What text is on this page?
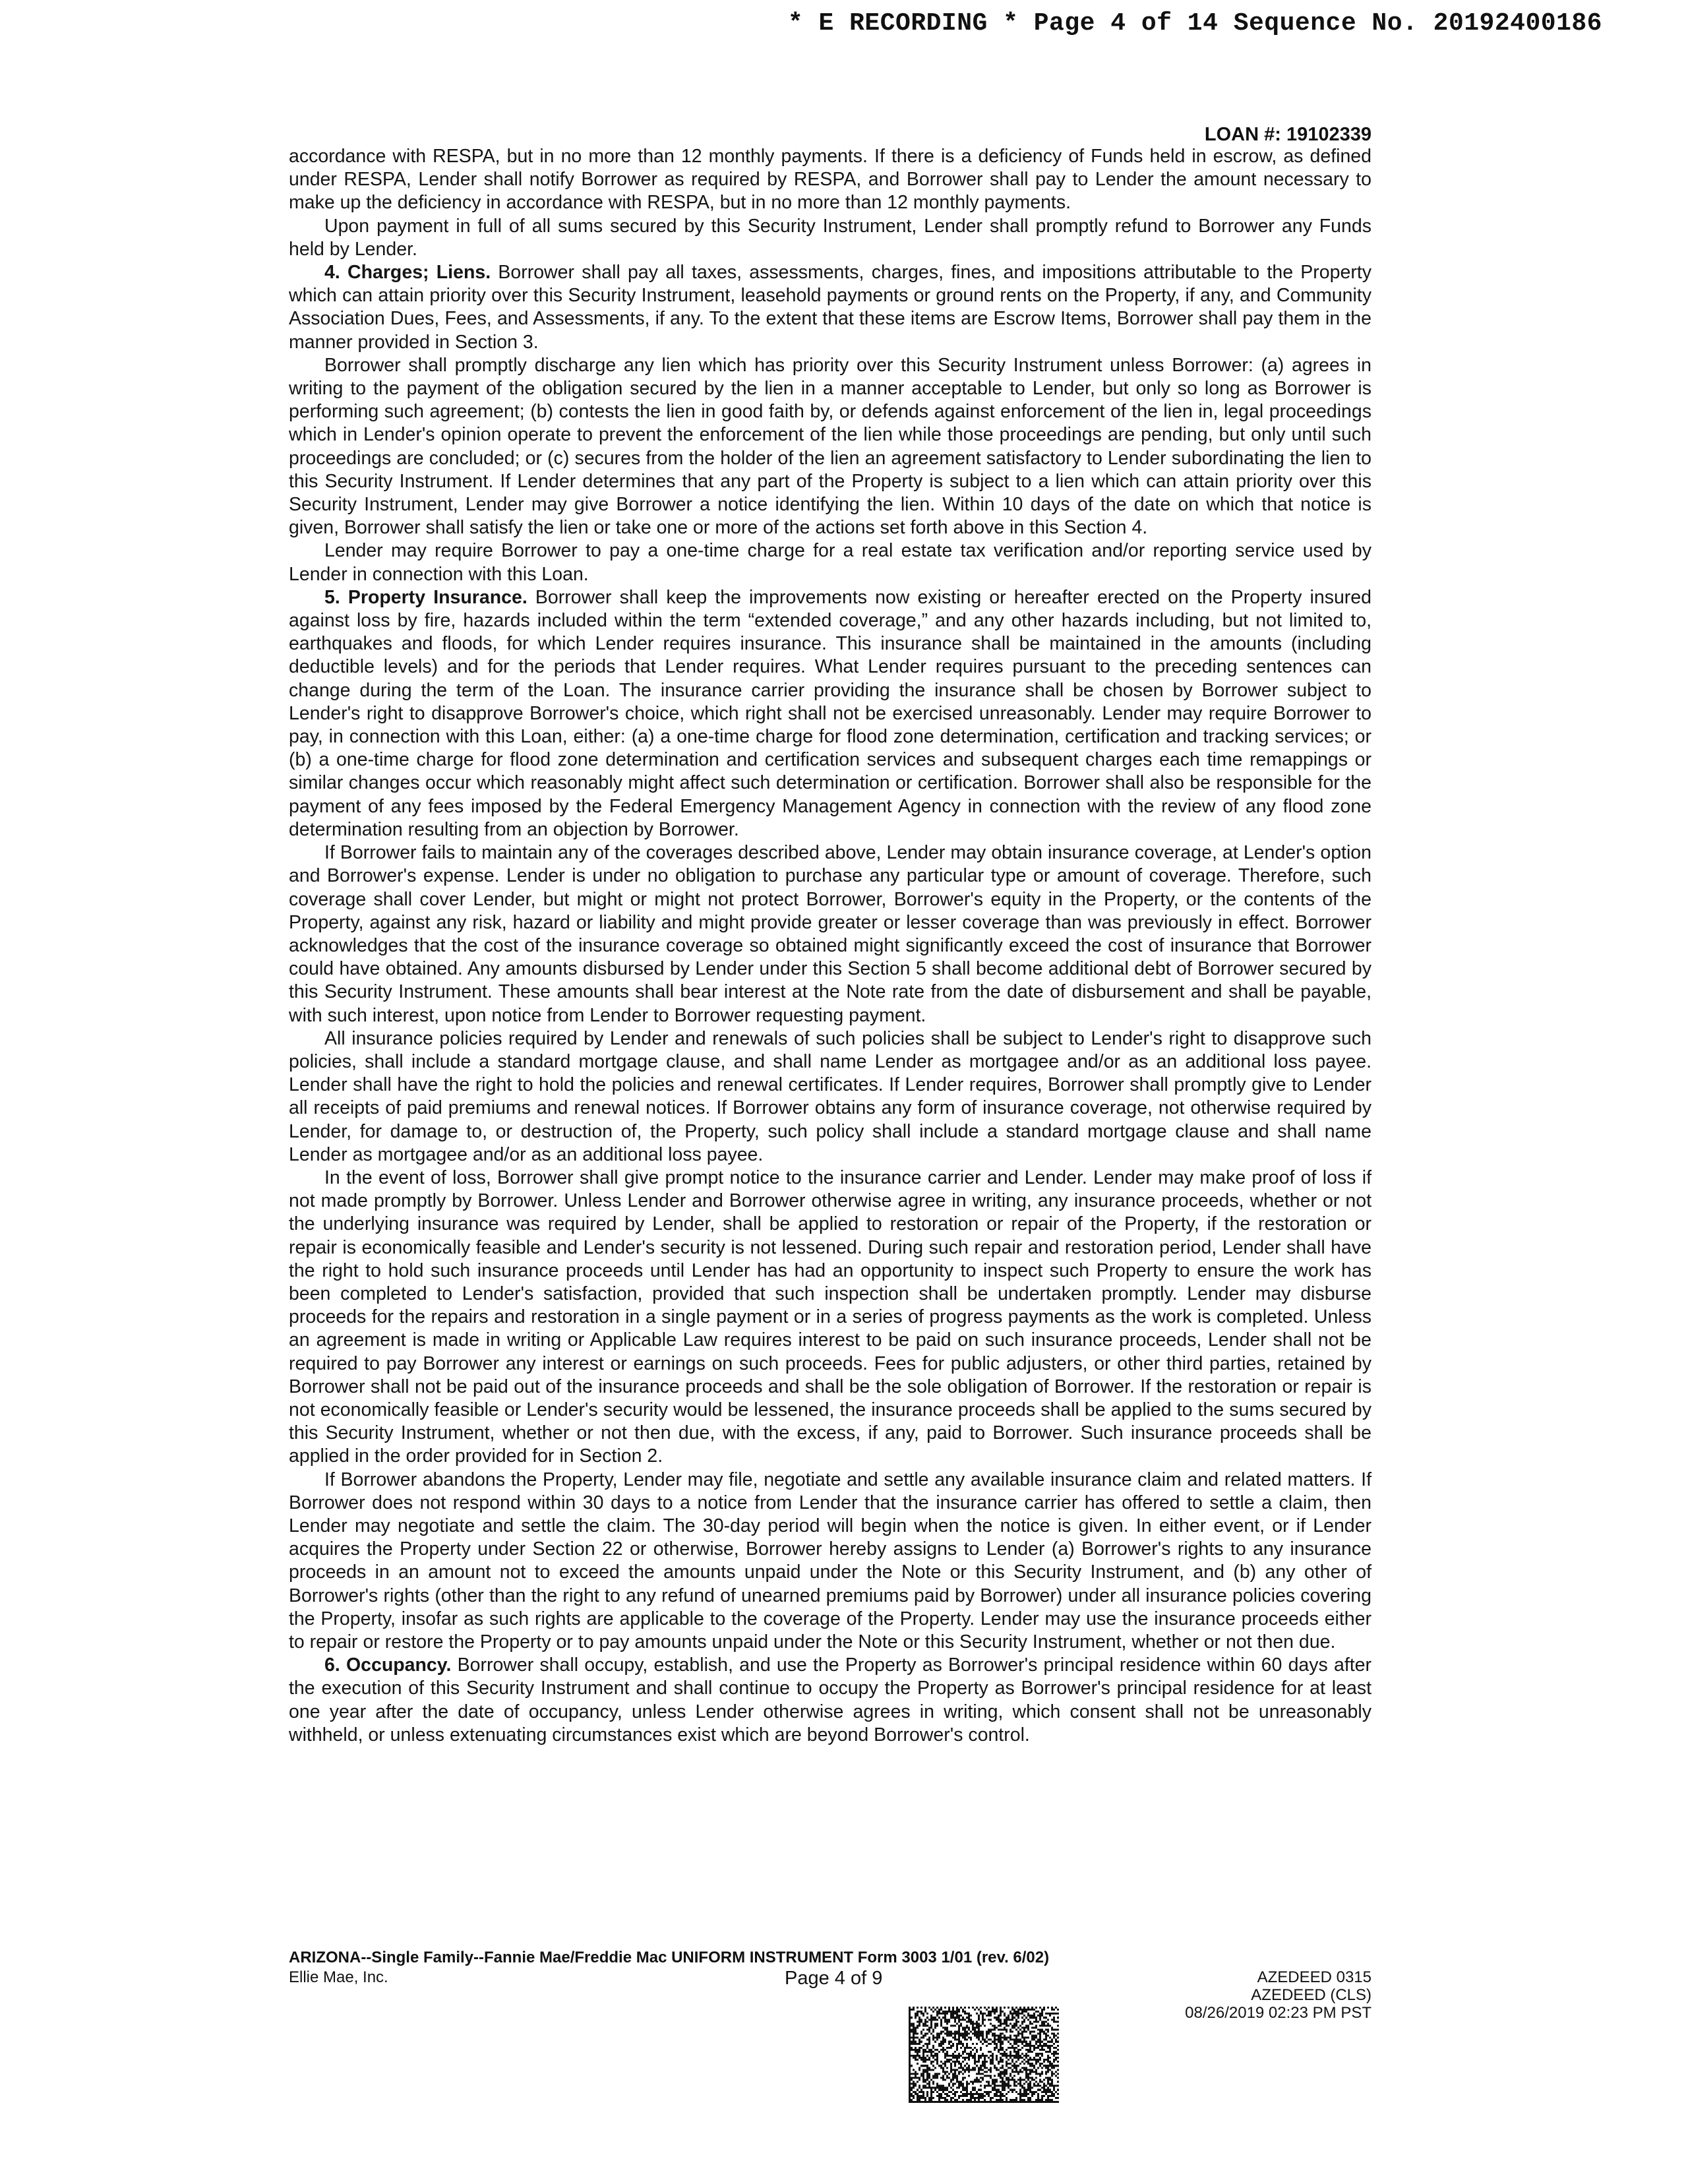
* E RECORDING * Page 4 of 14 Sequence No. 20192400186
LOAN #: 19102339

accordance with RESPA, but in no more than 12 monthly payments. If there is a deficiency of Funds held in escrow, as defined under RESPA, Lender shall notify Borrower as required by RESPA, and Borrower shall pay to Lender the amount necessary to make up the deficiency in accordance with RESPA, but in no more than 12 monthly payments.

Upon payment in full of all sums secured by this Security Instrument, Lender shall promptly refund to Borrower any Funds held by Lender.

4. Charges; Liens. Borrower shall pay all taxes, assessments, charges, fines, and impositions attributable to the Property which can attain priority over this Security Instrument, leasehold payments or ground rents on the Property, if any, and Community Association Dues, Fees, and Assessments, if any. To the extent that these items are Escrow Items, Borrower shall pay them in the manner provided in Section 3.

Borrower shall promptly discharge any lien which has priority over this Security Instrument unless Borrower: (a) agrees in writing to the payment of the obligation secured by the lien in a manner acceptable to Lender, but only so long as Borrower is performing such agreement; (b) contests the lien in good faith by, or defends against enforcement of the lien in, legal proceedings which in Lender's opinion operate to prevent the enforcement of the lien while those proceedings are pending, but only until such proceedings are concluded; or (c) secures from the holder of the lien an agreement satisfactory to Lender subordinating the lien to this Security Instrument. If Lender determines that any part of the Property is subject to a lien which can attain priority over this Security Instrument, Lender may give Borrower a notice identifying the lien. Within 10 days of the date on which that notice is given, Borrower shall satisfy the lien or take one or more of the actions set forth above in this Section 4.

Lender may require Borrower to pay a one-time charge for a real estate tax verification and/or reporting service used by Lender in connection with this Loan.

5. Property Insurance. Borrower shall keep the improvements now existing or hereafter erected on the Property insured against loss by fire, hazards included within the term “extended coverage,” and any other hazards including, but not limited to, earthquakes and floods, for which Lender requires insurance. This insurance shall be maintained in the amounts (including deductible levels) and for the periods that Lender requires. What Lender requires pursuant to the preceding sentences can change during the term of the Loan. The insurance carrier providing the insurance shall be chosen by Borrower subject to Lender's right to disapprove Borrower's choice, which right shall not be exercised unreasonably. Lender may require Borrower to pay, in connection with this Loan, either: (a) a one-time charge for flood zone determination, certification and tracking services; or (b) a one-time charge for flood zone determination and certification services and subsequent charges each time remappings or similar changes occur which reasonably might affect such determination or certification. Borrower shall also be responsible for the payment of any fees imposed by the Federal Emergency Management Agency in connection with the review of any flood zone determination resulting from an objection by Borrower.

If Borrower fails to maintain any of the coverages described above, Lender may obtain insurance coverage, at Lender's option and Borrower's expense. Lender is under no obligation to purchase any particular type or amount of coverage. Therefore, such coverage shall cover Lender, but might or might not protect Borrower, Borrower's equity in the Property, or the contents of the Property, against any risk, hazard or liability and might provide greater or lesser coverage than was previously in effect. Borrower acknowledges that the cost of the insurance coverage so obtained might significantly exceed the cost of insurance that Borrower could have obtained. Any amounts disbursed by Lender under this Section 5 shall become additional debt of Borrower secured by this Security Instrument. These amounts shall bear interest at the Note rate from the date of disbursement and shall be payable, with such interest, upon notice from Lender to Borrower requesting payment.

All insurance policies required by Lender and renewals of such policies shall be subject to Lender's right to disapprove such policies, shall include a standard mortgage clause, and shall name Lender as mortgagee and/or as an additional loss payee. Lender shall have the right to hold the policies and renewal certificates. If Lender requires, Borrower shall promptly give to Lender all receipts of paid premiums and renewal notices. If Borrower obtains any form of insurance coverage, not otherwise required by Lender, for damage to, or destruction of, the Property, such policy shall include a standard mortgage clause and shall name Lender as mortgagee and/or as an additional loss payee.

In the event of loss, Borrower shall give prompt notice to the insurance carrier and Lender. Lender may make proof of loss if not made promptly by Borrower. Unless Lender and Borrower otherwise agree in writing, any insurance proceeds, whether or not the underlying insurance was required by Lender, shall be applied to restoration or repair of the Property, if the restoration or repair is economically feasible and Lender's security is not lessened. During such repair and restoration period, Lender shall have the right to hold such insurance proceeds until Lender has had an opportunity to inspect such Property to ensure the work has been completed to Lender's satisfaction, provided that such inspection shall be undertaken promptly. Lender may disburse proceeds for the repairs and restoration in a single payment or in a series of progress payments as the work is completed. Unless an agreement is made in writing or Applicable Law requires interest to be paid on such insurance proceeds, Lender shall not be required to pay Borrower any interest or earnings on such proceeds. Fees for public adjusters, or other third parties, retained by Borrower shall not be paid out of the insurance proceeds and shall be the sole obligation of Borrower. If the restoration or repair is not economically feasible or Lender's security would be lessened, the insurance proceeds shall be applied to the sums secured by this Security Instrument, whether or not then due, with the excess, if any, paid to Borrower. Such insurance proceeds shall be applied in the order provided for in Section 2.

If Borrower abandons the Property, Lender may file, negotiate and settle any available insurance claim and related matters. If Borrower does not respond within 30 days to a notice from Lender that the insurance carrier has offered to settle a claim, then Lender may negotiate and settle the claim. The 30-day period will begin when the notice is given. In either event, or if Lender acquires the Property under Section 22 or otherwise, Borrower hereby assigns to Lender (a) Borrower's rights to any insurance proceeds in an amount not to exceed the amounts unpaid under the Note or this Security Instrument, and (b) any other of Borrower's rights (other than the right to any refund of unearned premiums paid by Borrower) under all insurance policies covering the Property, insofar as such rights are applicable to the coverage of the Property. Lender may use the insurance proceeds either to repair or restore the Property or to pay amounts unpaid under the Note or this Security Instrument, whether or not then due.

6. Occupancy. Borrower shall occupy, establish, and use the Property as Borrower's principal residence within 60 days after the execution of this Security Instrument and shall continue to occupy the Property as Borrower's principal residence for at least one year after the date of occupancy, unless Lender otherwise agrees in writing, which consent shall not be unreasonably withheld, or unless extenuating circumstances exist which are beyond Borrower's control.

ARIZONA--Single Family--Fannie Mae/Freddie Mac UNIFORM INSTRUMENT Form 3003 1/01 (rev. 6/02)
Ellie Mae, Inc.	Page 4 of 9	AZEDEED 0315
AZEDEED (CLS)
08/26/2019 02:23 PM PST
